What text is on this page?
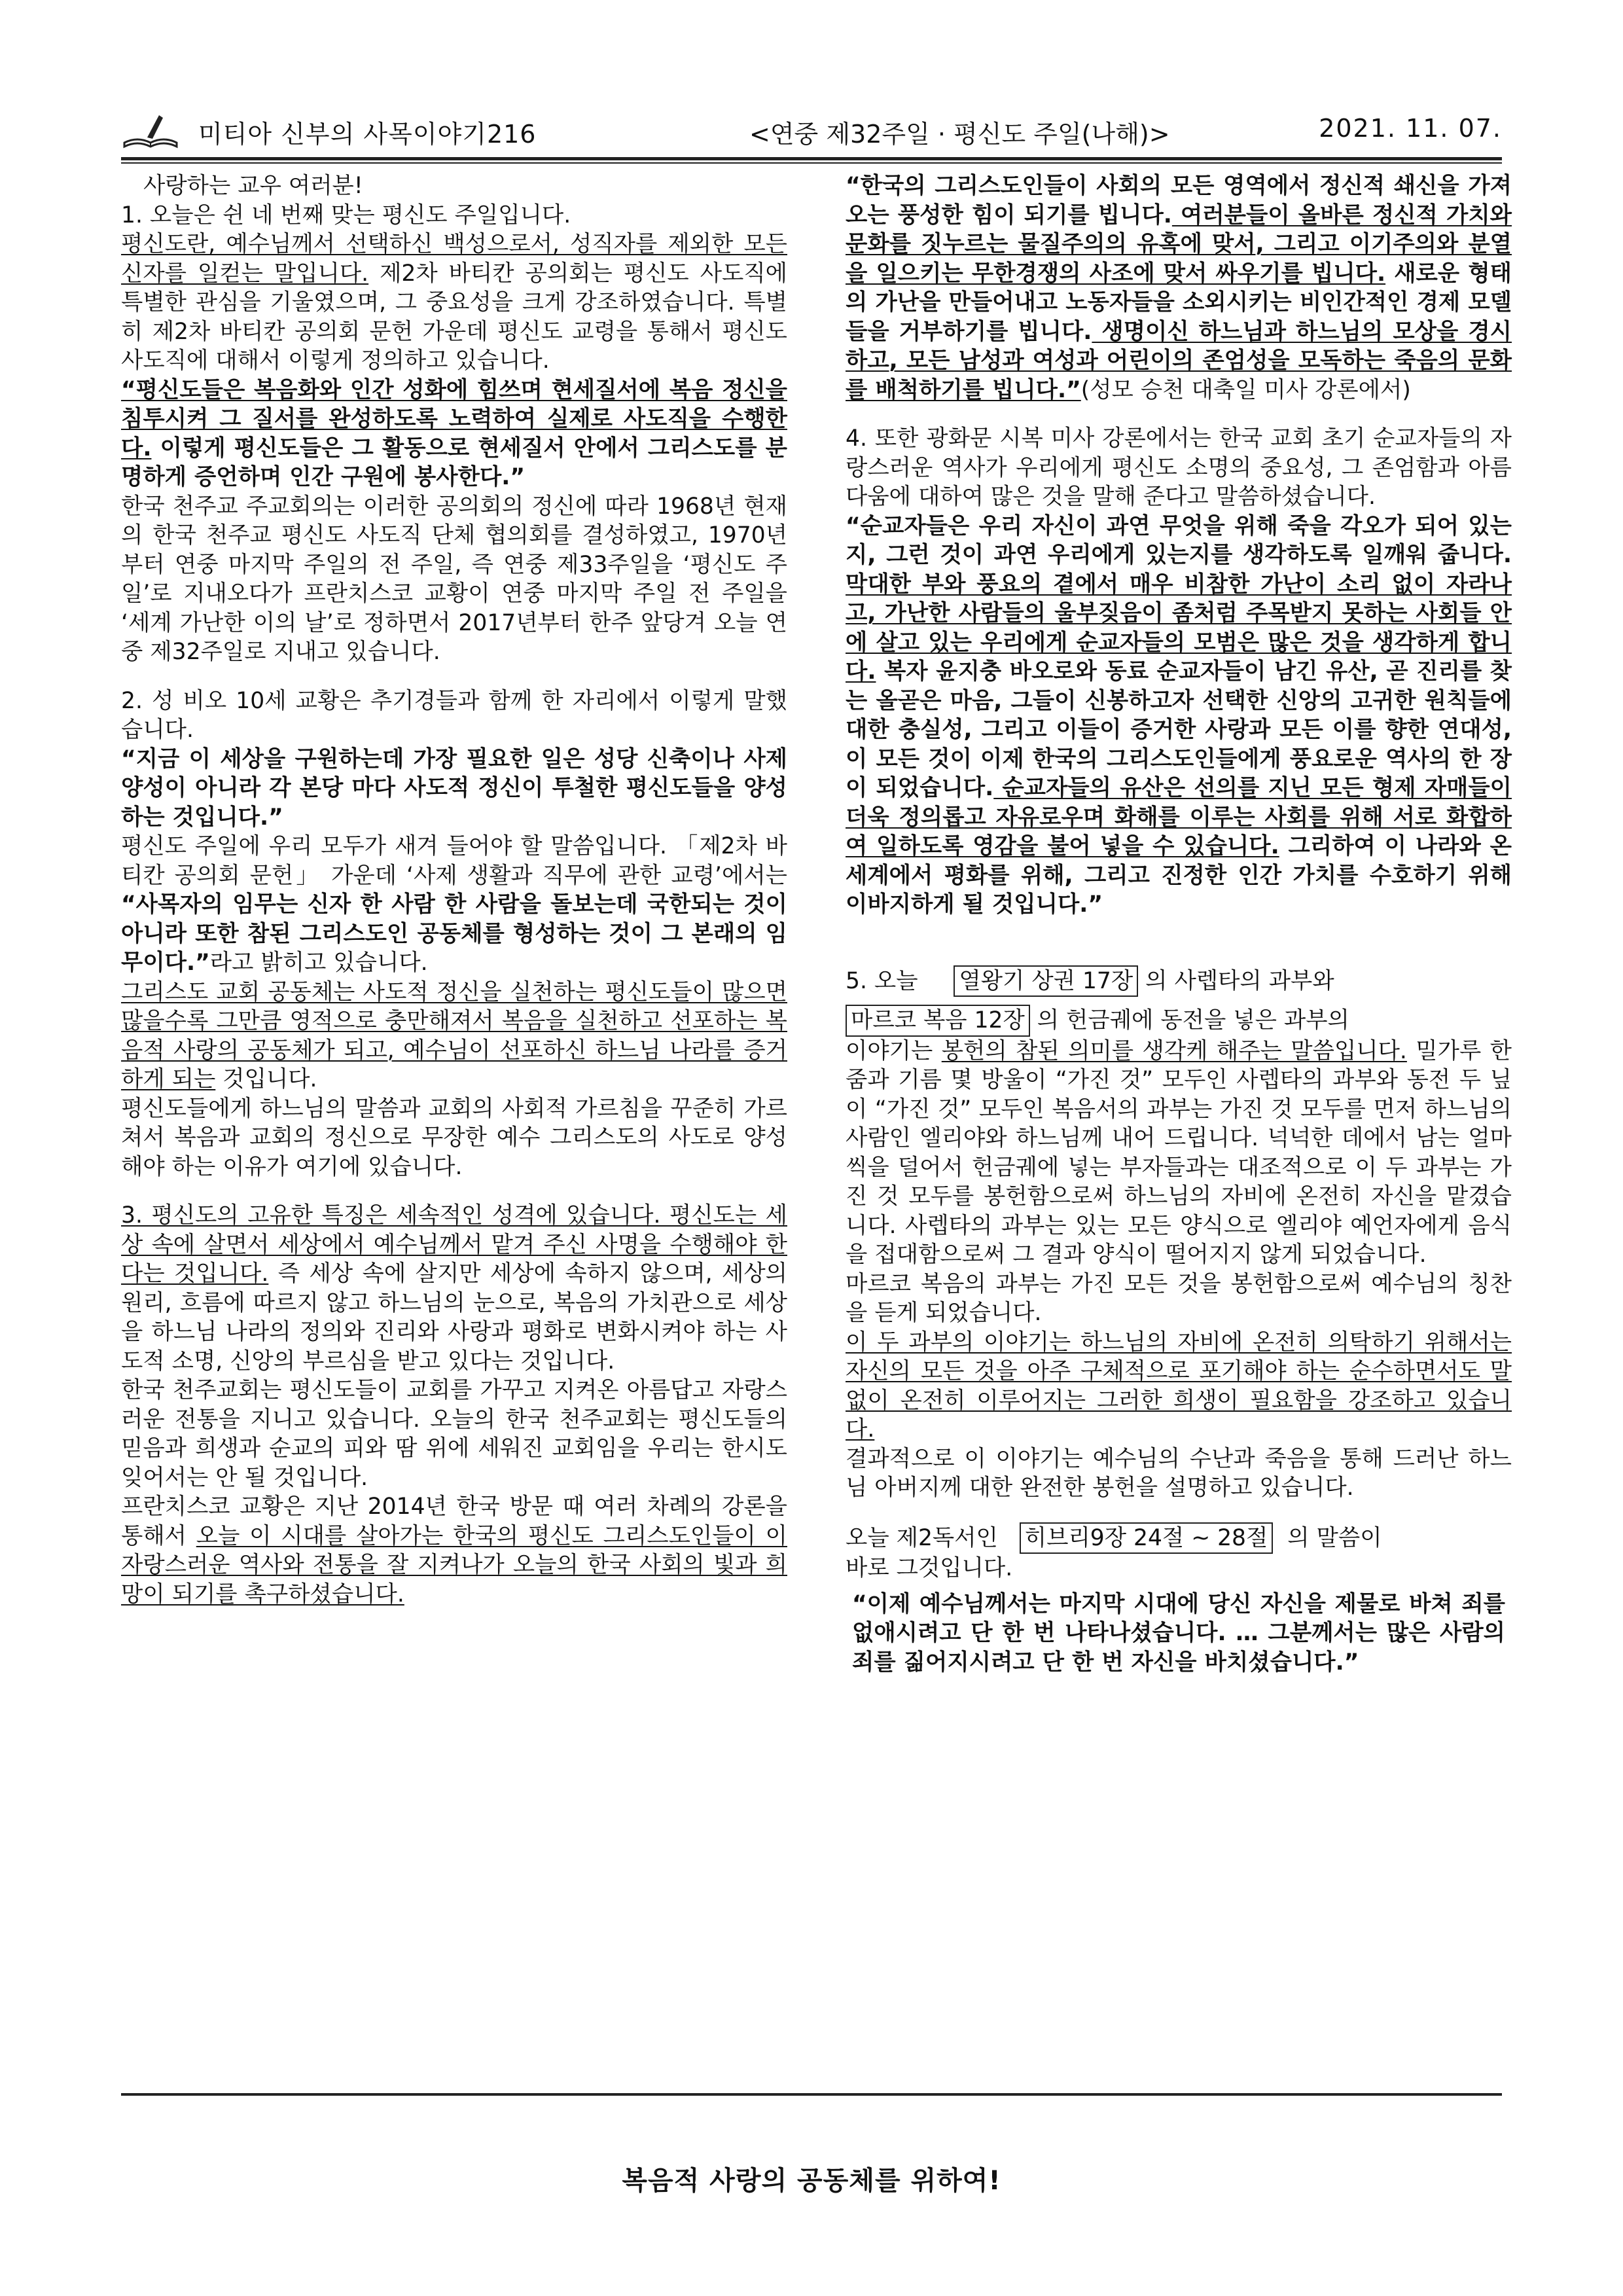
미티아 신부의 사목이야기216	<연중 제32주일 · 평신도 주일(나해)>	2021. 11. 07.

사랑하는 교우 여러분!

1. 오늘은 쉰 네 번째 맞는 평신도 주일입니다.

평신도란, 예수님께서 선택하신 백성으로서, 성직자를 제외한 모든 신자를 일컫는 말입니다. 제2차 바티칸 공의회는 평신도 사도직에 특별한 관심을 기울였으며, 그 중요성을 크게 강조하였습니다. 특별히 제2차 바티칸 공의회 문헌 가운데 평신도 교령을 통해서 평신도 사도직에 대해서 이렇게 정의하고 있습니다.

“평신도들은 복음화와 인간 성화에 힘쓰며 현세질서에 복음 정신을 침투시켜 그 질서를 완성하도록 노력하여 실제로 사도직을 수행한다. 이렇게 평신도들은 그 활동으로 현세질서 안에서 그리스도를 분명하게 증언하며 인간 구원에 봉사한다.”

한국 천주교 주교회의는 이러한 공의회의 정신에 따라 1968년 현재의 한국 천주교 평신도 사도직 단체 협의회를 결성하였고, 1970년부터 연중 마지막 주일의 전 주일, 즉 연중 제33주일을 ‘평신도 주일’로 지내오다가 프란치스코 교황이 연중 마지막 주일 전 주일을 ‘세계 가난한 이의 날’로 정하면서 2017년부터 한주 앞당겨 오늘 연중 제32주일로 지내고 있습니다.

2. 성 비오 10세 교황은 추기경들과 함께 한 자리에서 이렇게 말했습니다.

“지금 이 세상을 구원하는데 가장 필요한 일은 성당 신축이나 사제 양성이 아니라 각 본당 마다 사도적 정신이 투철한 평신도들을 양성하는 것입니다.”

평신도 주일에 우리 모두가 새겨 들어야 할 말씀입니다. 「제2차 바티칸 공의회 문헌」 가운데 ‘사제 생활과 직무에 관한 교령’에서는 “사목자의 임무는 신자 한 사람 한 사람을 돌보는데 국한되는 것이 아니라 또한 참된 그리스도인 공동체를 형성하는 것이 그 본래의 임무이다.”라고 밝히고 있습니다.

그리스도 교회 공동체는 사도적 정신을 실천하는 평신도들이 많으면 많을수록 그만큼 영적으로 충만해져서 복음을 실천하고 선포하는 복음적 사랑의 공동체가 되고, 예수님이 선포하신 하느님 나라를 증거 하게 되는 것입니다.

평신도들에게 하느님의 말씀과 교회의 사회적 가르침을 꾸준히 가르쳐서 복음과 교회의 정신으로 무장한 예수 그리스도의 사도로 양성해야 하는 이유가 여기에 있습니다.

3. 평신도의 고유한 특징은 세속적인 성격에 있습니다. 평신도는 세상 속에 살면서 세상에서 예수님께서 맡겨 주신 사명을 수행해야 한다는 것입니다. 즉 세상 속에 살지만 세상에 속하지 않으며, 세상의 원리, 흐름에 따르지 않고 하느님의 눈으로, 복음의 가치관으로 세상을 하느님 나라의 정의와 진리와 사랑과 평화로 변화시켜야 하는 사도적 소명, 신앙의 부르심을 받고 있다는 것입니다.

한국 천주교회는 평신도들이 교회를 가꾸고 지켜온 아름답고 자랑스러운 전통을 지니고 있습니다. 오늘의 한국 천주교회는 평신도들의 믿음과 희생과 순교의 피와 땀 위에 세워진 교회임을 우리는 한시도 잊어서는 안 될 것입니다.

프란치스코 교황은 지난 2014년 한국 방문 때 여러 차례의 강론을 통해서 오늘 이 시대를 살아가는 한국의 평신도 그리스도인들이 이 자랑스러운 역사와 전통을 잘 지켜나가 오늘의 한국 사회의 빛과 희망이 되기를 촉구하셨습니다.

“한국의 그리스도인들이 사회의 모든 영역에서 정신적 쇄신을 가져오는 풍성한 힘이 되기를 빕니다. 여러분들이 올바른 정신적 가치와 문화를 짓누르는 물질주의의 유혹에 맞서, 그리고 이기주의와 분열을 일으키는 무한경쟁의 사조에 맞서 싸우기를 빕니다. 새로운 형태의 가난을 만들어내고 노동자들을 소외시키는 비인간적인 경제 모델들을 거부하기를 빕니다. 생명이신 하느님과 하느님의 모상을 경시하고, 모든 남성과 여성과 어린이의 존엄성을 모독하는 죽음의 문화를 배척하기를 빕니다.”(성모 승천 대축일 미사 강론에서)

4. 또한 광화문 시복 미사 강론에서는 한국 교회 초기 순교자들의 자랑스러운 역사가 우리에게 평신도 소명의 중요성, 그 존엄함과 아름다움에 대하여 많은 것을 말해 준다고 말씀하셨습니다.

“순교자들은 우리 자신이 과연 무엇을 위해 죽을 각오가 되어 있는지, 그런 것이 과연 우리에게 있는지를 생각하도록 일깨워 줍니다. 막대한 부와 풍요의 곁에서 매우 비참한 가난이 소리 없이 자라나고, 가난한 사람들의 울부짖음이 좀처럼 주목받지 못하는 사회들 안에 살고 있는 우리에게 순교자들의 모범은 많은 것을 생각하게 합니다. 복자 윤지충 바오로와 동료 순교자들이 남긴 유산, 곧 진리를 찾는 올곧은 마음, 그들이 신봉하고자 선택한 신앙의 고귀한 원칙들에 대한 충실성, 그리고 이들이 증거한 사랑과 모든 이를 향한 연대성, 이 모든 것이 이제 한국의 그리스도인들에게 풍요로운 역사의 한 장이 되었습니다. 순교자들의 유산은 선의를 지닌 모든 형제 자매들이 더욱 정의롭고 자유로우며 화해를 이루는 사회를 위해 서로 화합하여 일하도록 영감을 불어 넣을 수 있습니다. 그리하여 이 나라와 온 세계에서 평화를 위해, 그리고 진정한 인간 가치를 수호하기 위해 이바지하게 될 것입니다.”

5. 오늘
열왕기 상권 17장
의 사렙타의 과부와

마르코 복음 12장
의 헌금궤에 동전을 넣은 과부의

이야기는 봉헌의 참된 의미를 생각케 해주는 말씀입니다. 밀가루 한 줌과 기름 몇 방울이 “가진 것” 모두인 사렙타의 과부와 동전 두 닢이 “가진 것” 모두인 복음서의 과부는 가진 것 모두를 먼저 하느님의 사람인 엘리야와 하느님께 내어 드립니다. 넉넉한 데에서 남는 얼마씩을 덜어서 헌금궤에 넣는 부자들과는 대조적으로 이 두 과부는 가진 것 모두를 봉헌함으로써 하느님의 자비에 온전히 자신을 맡겼습니다. 사렙타의 과부는 있는 모든 양식으로 엘리야 예언자에게 음식을 접대함으로써 그 결과 양식이 떨어지지 않게 되었습니다.

마르코 복음의 과부는 가진 모든 것을 봉헌함으로써 예수님의 칭찬을 듣게 되었습니다.

이 두 과부의 이야기는 하느님의 자비에 온전히 의탁하기 위해서는 자신의 모든 것을 아주 구체적으로 포기해야 하는 순수하면서도 말없이 온전히 이루어지는 그러한 희생이 필요함을 강조하고 있습니다.

결과적으로 이 이야기는 예수님의 수난과 죽음을 통해 드러난 하느님 아버지께 대한 완전한 봉헌을 설명하고 있습니다.

오늘 제2독서인
히브리9장 24절 ~ 28절
의 말씀이

바로 그것입니다.

“이제 예수님께서는 마지막 시대에 당신 자신을 제물로 바쳐 죄를 없애시려고 단 한 번 나타나셨습니다. … 그분께서는 많은 사람의 죄를 짊어지시려고 단 한 번 자신을 바치셨습니다.”

복음적 사랑의 공동체를 위하여!
